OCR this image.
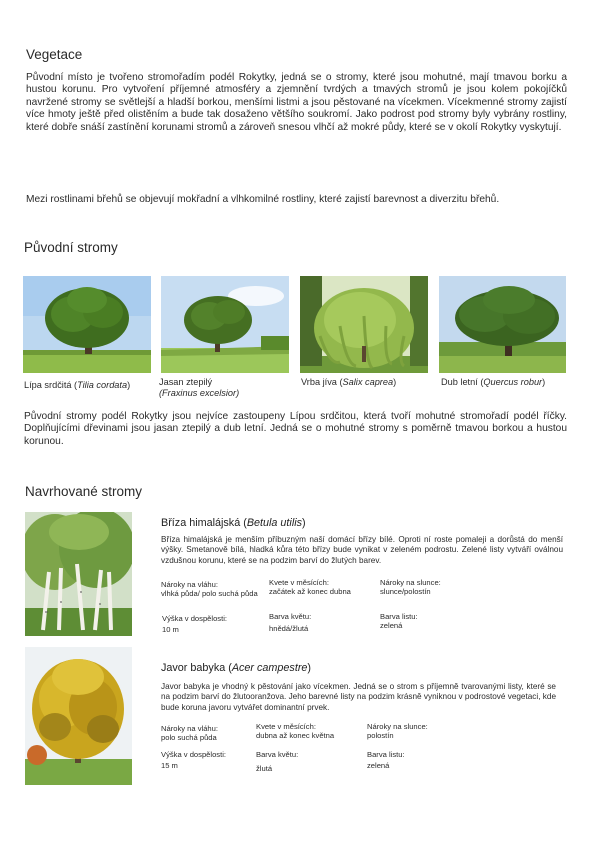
Vegetace
Původní místo je tvořeno stromořadím podél Rokytky, jedná se o stromy, které jsou mohutné, mají tmavou borku a hustou korunu. Pro vytvoření příjemné atmosféry a zjemnění tvrdých a tmavých stromů je jsou kolem pokojíčků navržené stromy se světlejší a hladší borkou, menšími listmi a jsou pěstované na vícekmen. Vícekmenné stromy zajistí více hmoty ještě před olistěním a bude tak dosaženo většího soukromí. Jako podrost pod stromy byly vybrány rostliny, které dobře snáší zastínění korunami stromů a zároveň snesou vlhčí až mokré půdy, které se v okolí Rokytky vyskytují.
Mezi rostlinami břehů se objevují mokřadní a vlhkomilné rostliny, které zajistí barevnost a diverzitu břehů.
Původní stromy
Lípa srdčitá (Tilia cordata)	Jasan ztepilý
(Fraxinus excelsior)
Vrba jíva (Salix caprea)	Dub letní (Quercus robur)
Původní stromy podél Rokytky jsou nejvíce zastoupeny Lípou srdčitou, která tvoří mohutné stromořadí podél říčky. Doplňujícími dřevinami jsou jasan ztepilý a dub letní. Jedná se o mohutné stromy s poměrně tmavou borkou a hustou korunou.
Navrhované stromy
Bříza himalájská (Betula utilis)
Bříza himalájská je menším příbuzným naší domácí břízy bílé. Oproti ní roste pomaleji a dorůstá do menší výšky. Smetanově bílá, hladká kůra této břízy bude vynikat v zeleném podrostu. Zelené listy vytváří oválnou vzdušnou korunu, které se na podzim barví do žlutých barev.
Nároky na vláhu:
vlhká půda/ polo suchá půda
Kvete v měsících:
začátek až konec dubna
Nároky na slunce:
slunce/polostín
Výška v dospělosti:
10 m
Barva květu:
hnědá/žlutá
Barva listu:
zelená
Javor babyka (Acer campestre)
Javor babyka je vhodný k pěstování jako vícekmen. Jedná se o strom s příjemně tvarovanými listy, které se na podzim barví do žlutooranžova. Jeho barevné listy na podzim krásně vyniknou v podrostové vegetaci, kde bude koruna javoru vytvářet dominantní prvek.
Nároky na vláhu:
polo suchá půda
Kvete v měsících:
dubna až konec května
Nároky na slunce:
polostín
Výška v dospělosti:
15 m
Barva květu:
žlutá
Barva listu:
zelená
